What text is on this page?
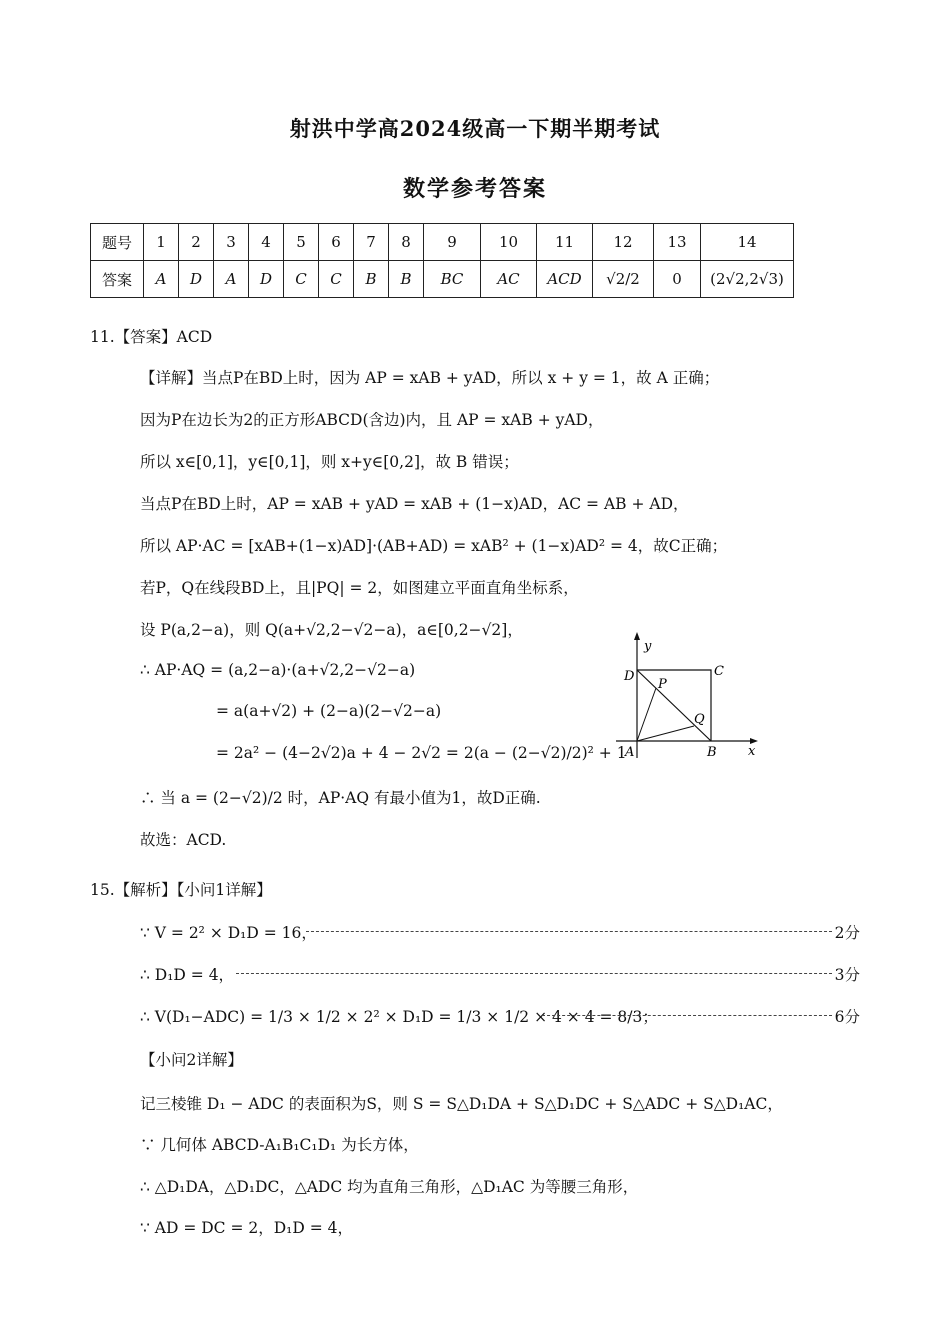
射洪中学高2024级高一下期半期考试
数学参考答案
题号	1	2	3	4	5	6	7	8	9	10	11	12	13	14
答案	A	D	A	D	C	C	B	B	BC	AC	ACD	√2/2	0	(2√2,2√3)
11.【答案】ACD
【详解】当点P在BD上时，因为 AP = xAB + yAD，所以 x + y = 1，故 A 正确；
因为P在边长为2的正方形ABCD(含边)内，且 AP = xAB + yAD，
所以 x∈[0,1]，y∈[0,1]，则 x+y∈[0,2]，故 B 错误；
当点P在BD上时，AP = xAB + yAD = xAB + (1−x)AD，AC = AB + AD，
所以 AP·AC = [xAB+(1−x)AD]·(AB+AD) = xAB² + (1−x)AD² = 4，故C正确；
若P，Q在线段BD上，且|PQ| = 2，如图建立平面直角坐标系，
设 P(a,2−a)，则 Q(a+√2,2−√2−a)，a∈[0,2−√2]，
∴ AP·AQ = (a,2−a)·(a+√2,2−√2−a)
= a(a+√2) + (2−a)(2−√2−a)
= 2a² − (4−2√2)a + 4 − 2√2 = 2(a − (2−√2)/2)² + 1
∴ 当 a = (2−√2)/2 时，AP·AQ 有最小值为1，故D正确.
故选：ACD.
y
x
D	C
P
Q
A	B
15.【解析】【小问1详解】
∵ V = 2² × D₁D = 16，	2分
∴ D₁D = 4，	3分
∴ V(D₁−ADC) = 1/3 × 1/2 × 2² × D₁D = 1/3 × 1/2 × 4 × 4 = 8/3；	6分
【小问2详解】
记三棱锥 D₁ − ADC 的表面积为S，则 S = S△D₁DA + S△D₁DC + S△ADC + S△D₁AC，
∵ 几何体 ABCD-A₁B₁C₁D₁ 为长方体，
∴ △D₁DA，△D₁DC，△ADC 均为直角三角形，△D₁AC 为等腰三角形，
∵ AD = DC = 2，D₁D = 4，
